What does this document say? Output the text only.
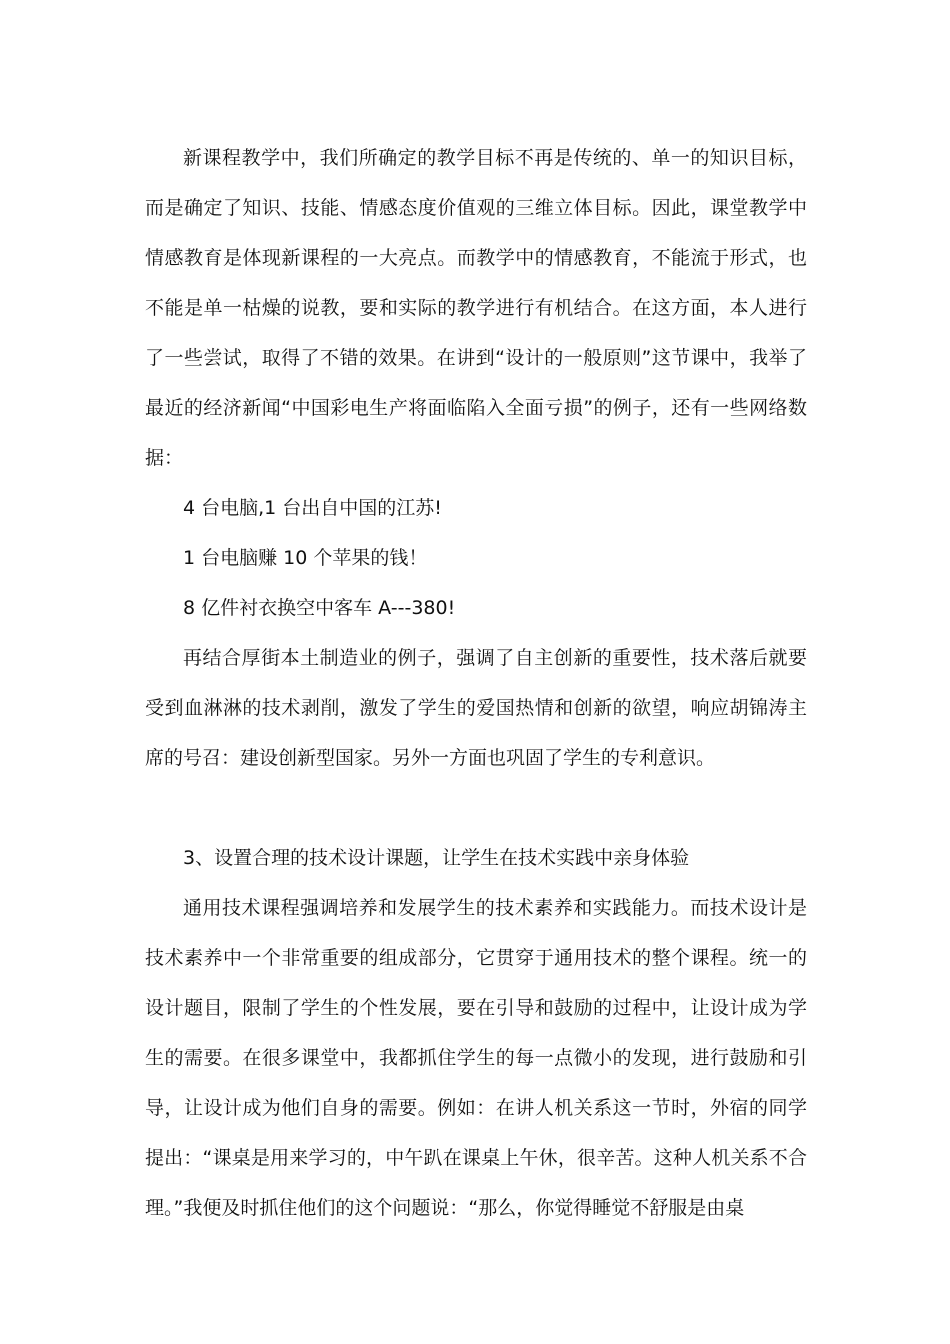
新课程教学中，我们所确定的教学目标不再是传统的、单一的知识目标，而是确定了知识、技能、情感态度价值观的三维立体目标。因此，课堂教学中情感教育是体现新课程的一大亮点。而教学中的情感教育，不能流于形式，也不能是单一枯燥的说教，要和实际的教学进行有机结合。在这方面，本人进行了一些尝试，取得了不错的效果。在讲到“设计的一般原则”这节课中，我举了最近的经济新闻“中国彩电生产将面临陷入全面亏损”的例子，还有一些网络数据：

4 台电脑,1 台出自中国的江苏!

1 台电脑赚 10 个苹果的钱！

8 亿件衬衣换空中客车 A---380!

再结合厚街本土制造业的例子，强调了自主创新的重要性，技术落后就要受到血淋淋的技术剥削，激发了学生的爱国热情和创新的欲望，响应胡锦涛主席的号召：建设创新型国家。另外一方面也巩固了学生的专利意识。

3、设置合理的技术设计课题，让学生在技术实践中亲身体验

通用技术课程强调培养和发展学生的技术素养和实践能力。而技术设计是技术素养中一个非常重要的组成部分，它贯穿于通用技术的整个课程。统一的设计题目，限制了学生的个性发展，要在引导和鼓励的过程中，让设计成为学生的需要。在很多课堂中，我都抓住学生的每一点微小的发现，进行鼓励和引导，让设计成为他们自身的需要。例如：在讲人机关系这一节时，外宿的同学提出：“课桌是用来学习的，中午趴在课桌上午休，很辛苦。这种人机关系不合理。”我便及时抓住他们的这个问题说：“那么，你觉得睡觉不舒服是由桌
